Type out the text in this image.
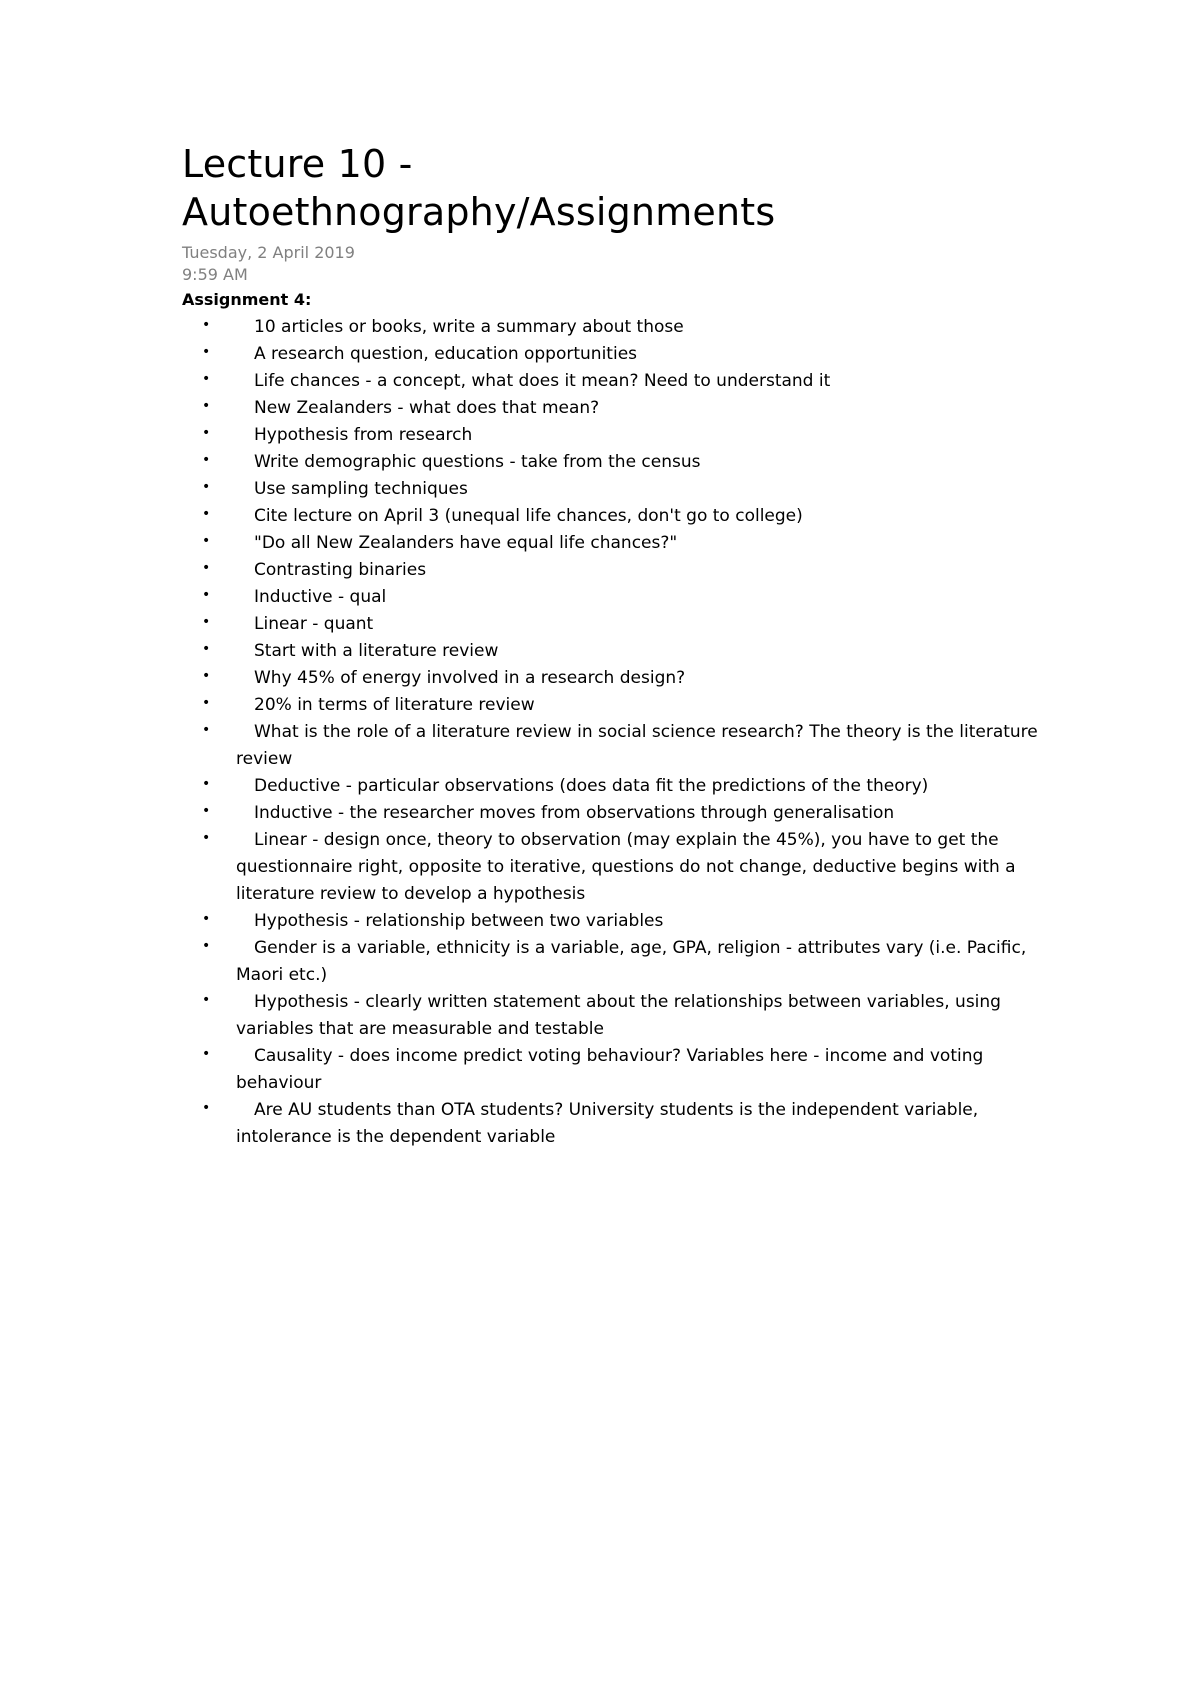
Lecture 10 -
Autoethnography/Assignments
Tuesday, 2 April 2019
9:59 AM
Assignment 4:
•	10 articles or books, write a summary about those
•	A research question, education opportunities
•	Life chances - a concept, what does it mean? Need to understand it
•	New Zealanders - what does that mean?
•	Hypothesis from research
•	Write demographic questions - take from the census
•	Use sampling techniques
•	Cite lecture on April 3 (unequal life chances, don't go to college)
•	"Do all New Zealanders have equal life chances?"
•	Contrasting binaries
•	Inductive - qual
•	Linear - quant
•	Start with a literature review
•	Why 45% of energy involved in a research design?
•	20% in terms of literature review
•	What is the role of a literature review in social science research? The theory is the literature review
•	Deductive - particular observations (does data fit the predictions of the theory)
•	Inductive - the researcher moves from observations through generalisation
•	Linear - design once, theory to observation (may explain the 45%), you have to get the questionnaire right, opposite to iterative, questions do not change, deductive begins with a literature review to develop a hypothesis
•	Hypothesis - relationship between two variables
•	Gender is a variable, ethnicity is a variable, age, GPA, religion - attributes vary (i.e. Pacific, Maori etc.)
•	Hypothesis - clearly written statement about the relationships between variables, using variables that are measurable and testable
•	Causality - does income predict voting behaviour? Variables here - income and voting behaviour
•	Are AU students than OTA students? University students is the independent variable, intolerance is the dependent variable
